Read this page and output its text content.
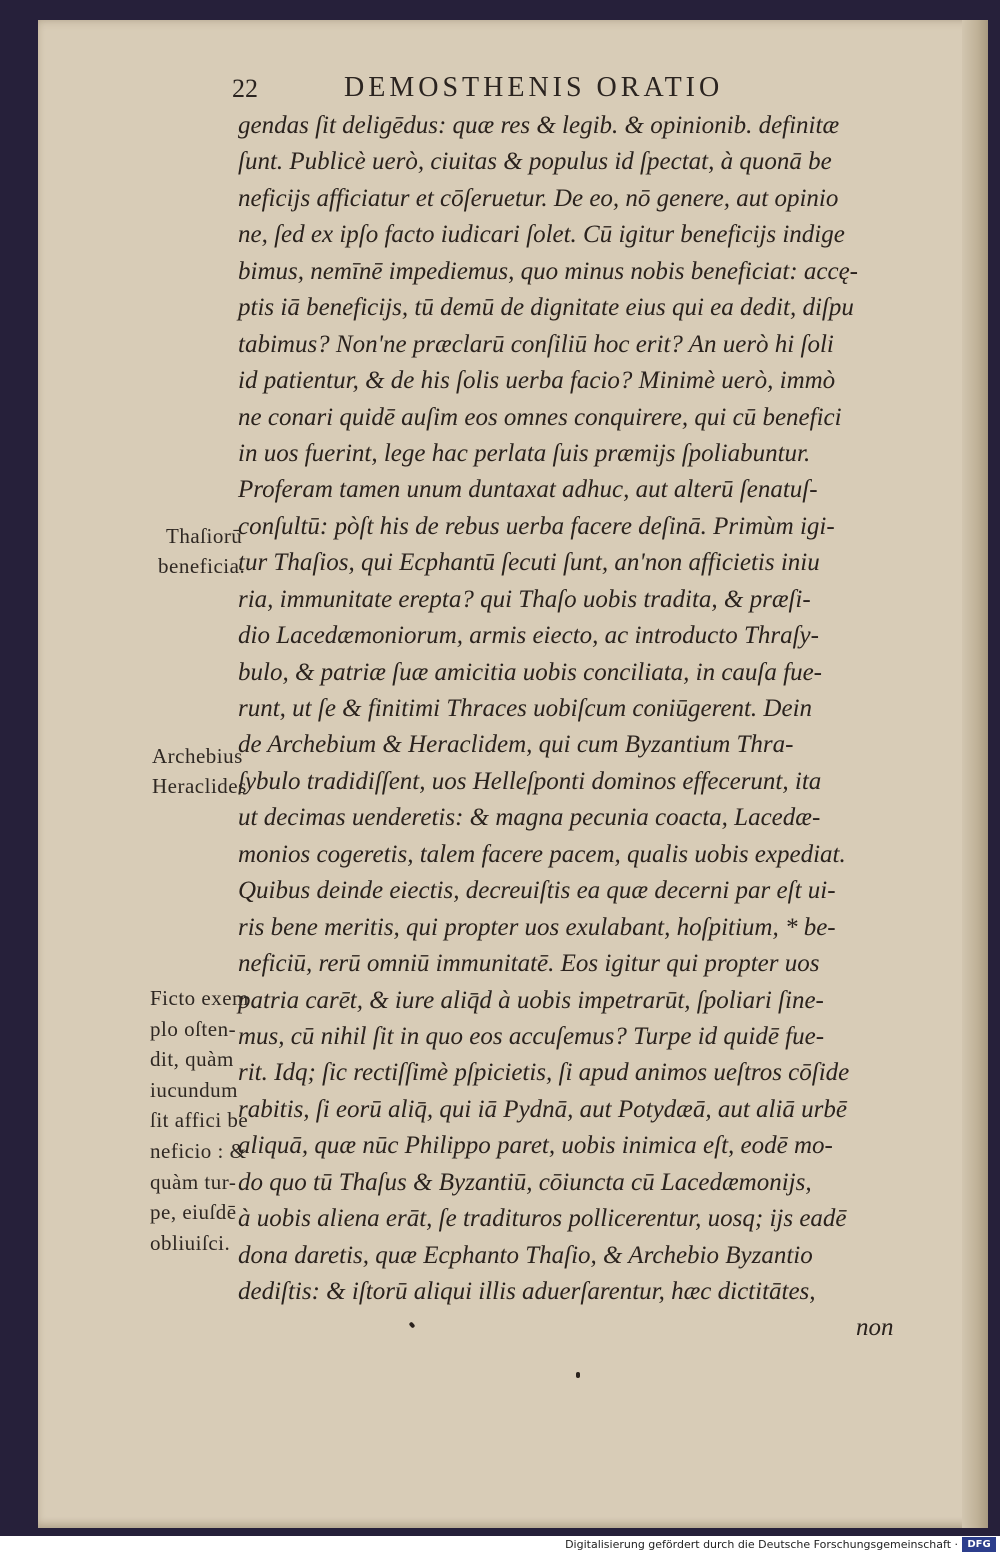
22	DEMOSTHENIS ORATIO
gendas ſit deligēdus: quæ res & legib. & opinionib. definitæ
ſunt. Publicè uerò, ciuitas & populus id ſpectat, à quonā be
neficijs afficiatur et cōſeruetur. De eo, nō genere, aut opinio
ne, ſed ex ipſo facto iudicari ſolet. Cū igitur beneficijs indige
bimus, nemīnē impediemus, quo minus nobis beneficiat: accę-
ptis iā beneficijs, tū demū de dignitate eius qui ea dedit, diſpu
tabimus? Non'ne præclarū conſiliū hoc erit? An uerò hi ſoli
id patientur, & de his ſolis uerba facio? Minimè uerò, immò
ne conari quidē auſim eos omnes conquirere, qui cū benefici
in uos fuerint, lege hac perlata ſuis præmijs ſpoliabuntur.
Proferam tamen unum duntaxat adhuc, aut alterū ſenatuſ-
conſultū: pòſt his de rebus uerba facere deſinā. Primùm igi-
tur Thaſios, qui Ecphantū ſecuti ſunt, an'non afficietis iniu
ria, immunitate erepta? qui Thaſo uobis tradita, & præſi-
dio Lacedæmoniorum, armis eiecto, ac introducto Thraſy-
bulo, & patriæ ſuæ amicitia uobis conciliata, in cauſa fue-
runt, ut ſe & finitimi Thraces uobiſcum coniūgerent. Dein
de Archebium & Heraclidem, qui cum Byzantium Thra-
ſybulo tradidiſſent, uos Helleſponti dominos effecerunt, ita
ut decimas uenderetis: & magna pecunia coacta, Lacedæ-
monios cogeretis, talem facere pacem, qualis uobis expediat.
Quibus deinde eiectis, decreuiſtis ea quæ decerni par eſt ui-
ris bene meritis, qui propter uos exulabant, hoſpitium, * be-
neficiū, rerū omniū immunitatē. Eos igitur qui propter uos
patria carēt, & iure aliq̄d à uobis impetrarūt, ſpoliari ſine-
mus, cū nihil ſit in quo eos accuſemus? Turpe id quidē fue-
rit. Idq; ſic rectiſſimè pſpicietis, ſi apud animos ueſtros cōſide
rabitis, ſi eorū aliq̄, qui iā Pydnā, aut Potydæā, aut aliā urbē
aliquā, quæ nūc Philippo paret, uobis inimica eſt, eodē mo-
do quo tū Thaſus & Byzantiū, cōiuncta cū Lacedæmonijs,
à uobis aliena erāt, ſe tradituros pollicerentur, uosq; ijs eadē
dona daretis, quæ Ecphanto Thaſio, & Archebio Byzantio
dediſtis: & iſtorū aliqui illis aduerſarentur, hæc dictitātes,
Thaſiorū
beneficia.
Archebius
Heraclides
Ficto exem
plo oſten-
dit, quàm
iucundum
ſit affici be
neficio : &
quàm tur-
pe, eiuſdē
obliuiſci.
non
Digitalisierung gefördert durch die Deutsche Forschungsgemeinschaft · DFG
